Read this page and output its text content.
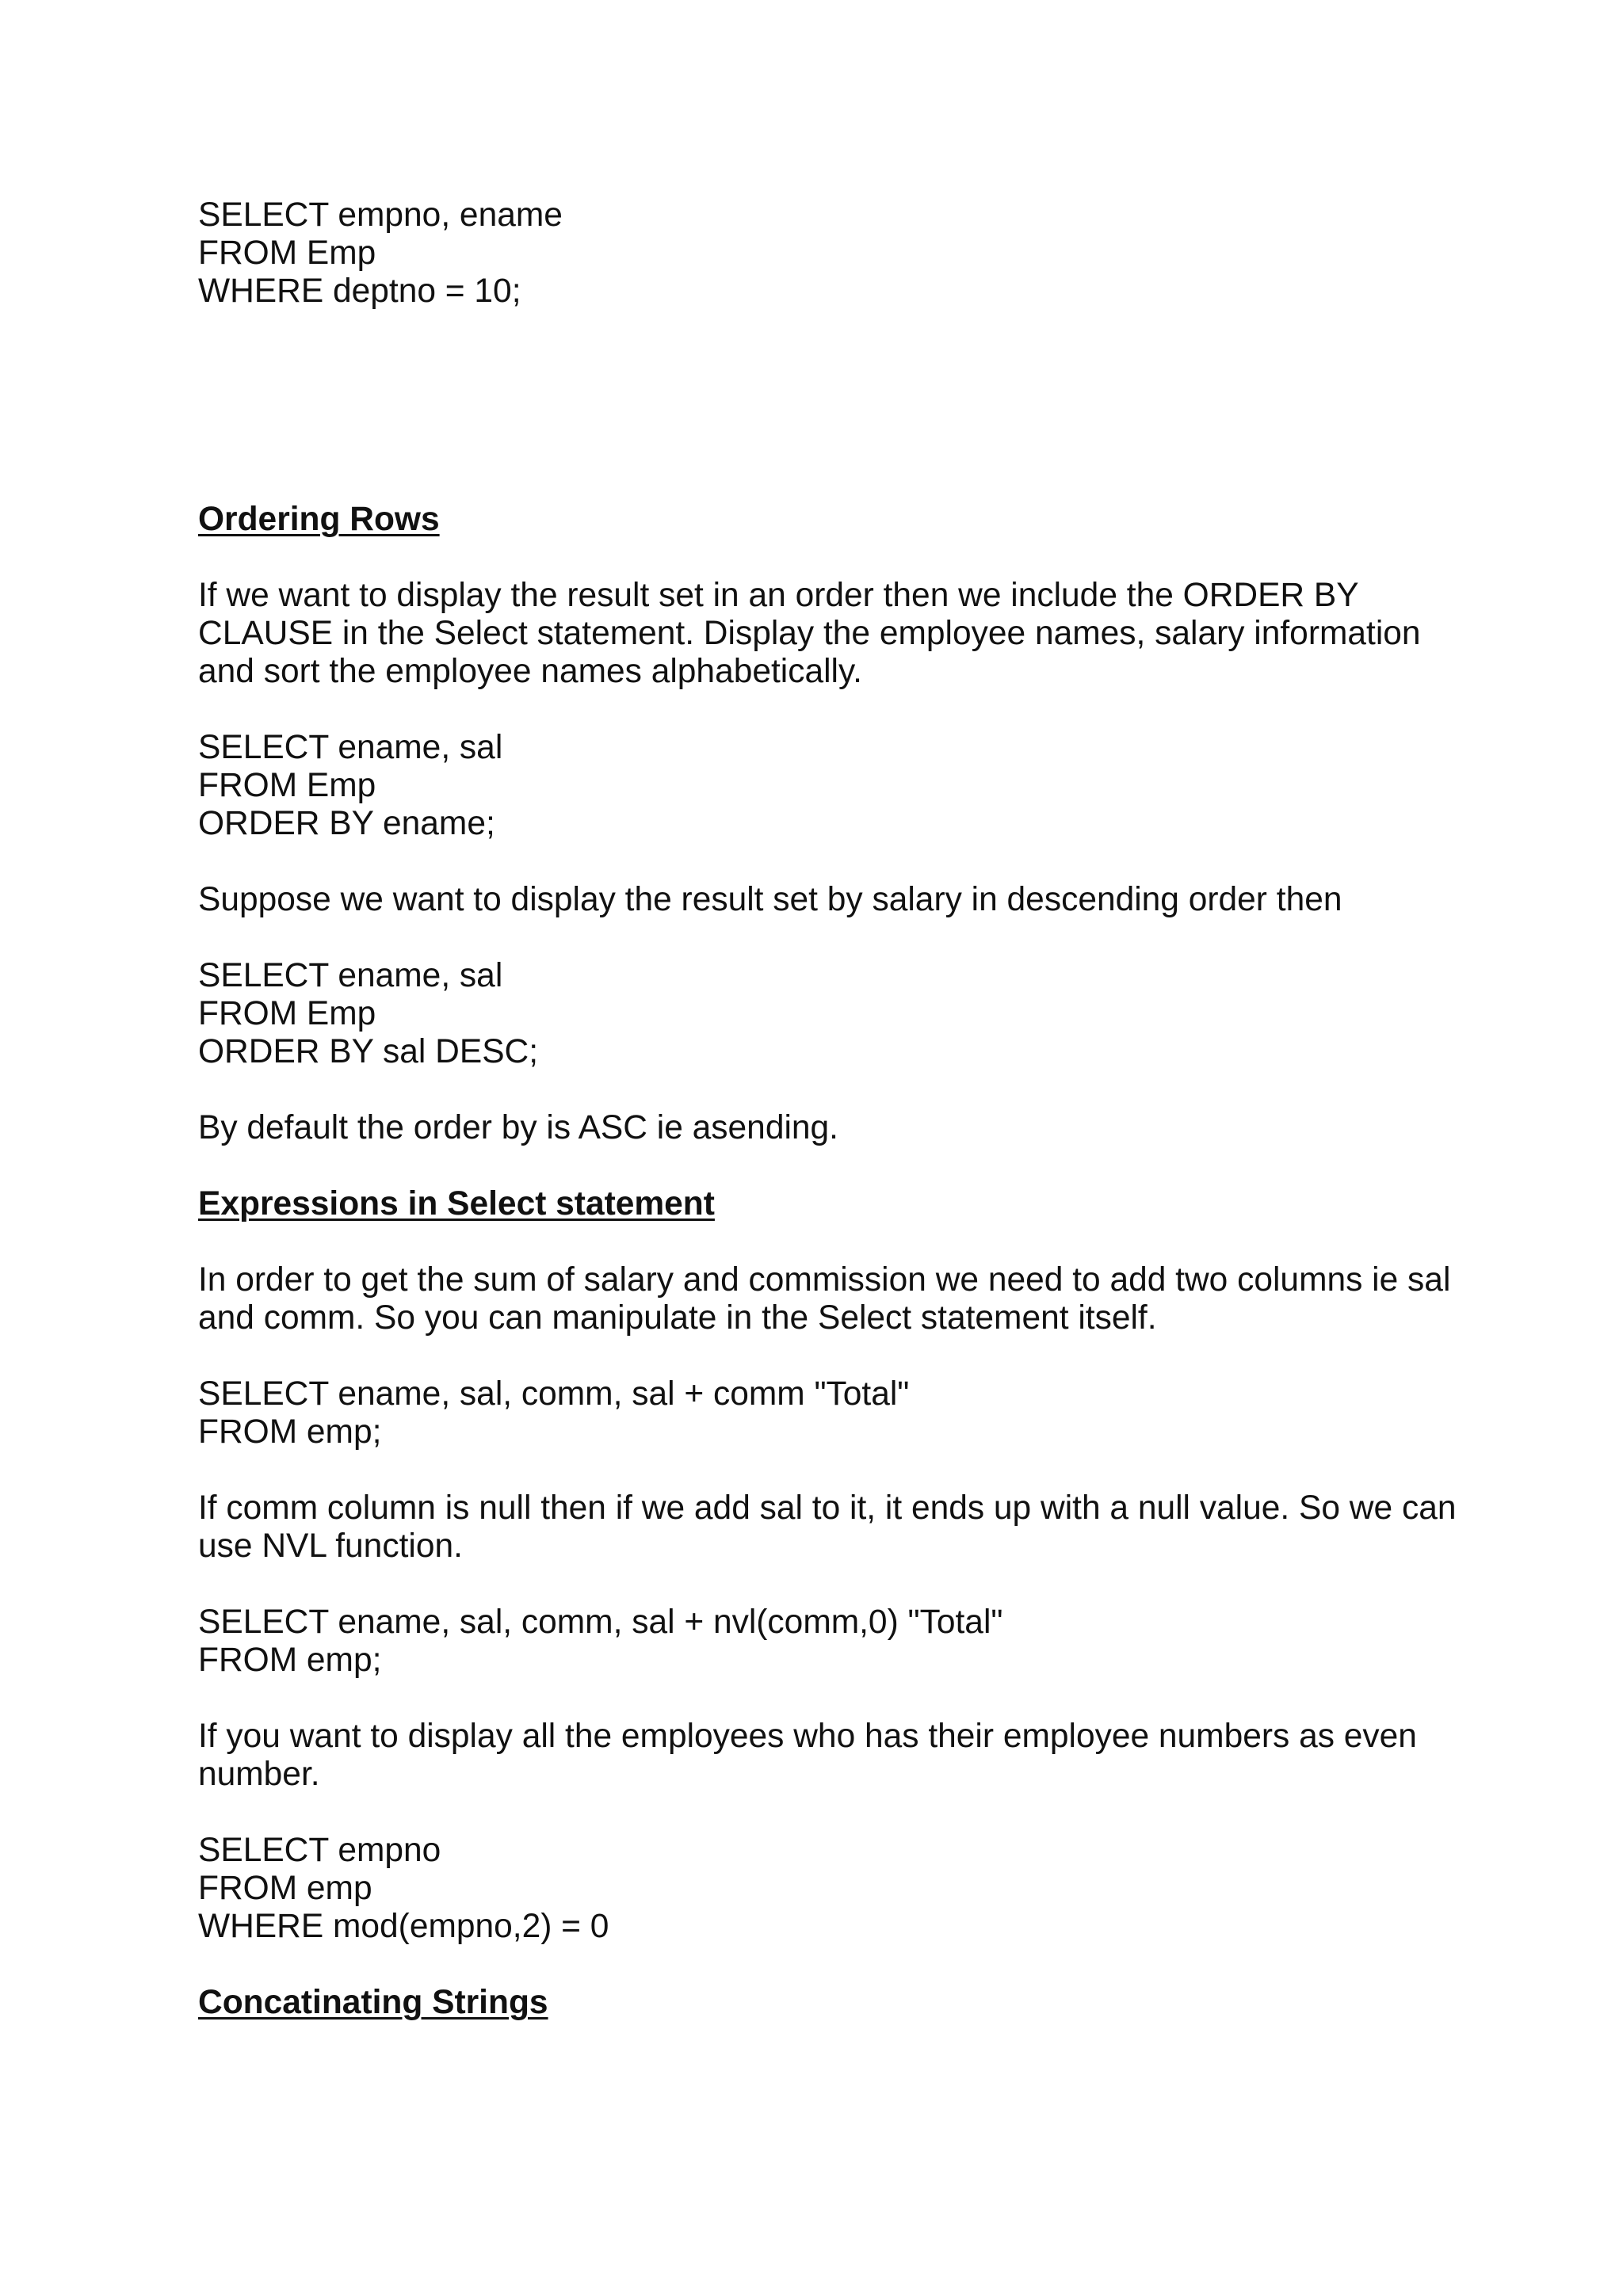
SELECT empno, ename
FROM Emp
WHERE deptno = 10;
Ordering Rows
If we want to display the result set in an order then we include the ORDER BY
CLAUSE in the Select statement. Display the employee names, salary information
and sort the employee names alphabetically.
SELECT ename, sal
FROM Emp
ORDER BY ename;
Suppose we want to display the result set by salary in descending order then
SELECT ename, sal
FROM Emp
ORDER BY sal DESC;
By default the order by is ASC ie asending.
Expressions in Select statement
In order to get the sum of salary and commission we need to add two columns ie sal
and comm. So you can manipulate in the Select statement itself.
SELECT ename, sal, comm, sal + comm "Total"
FROM emp;
If comm column is null then if we add sal to it, it ends up with a null value. So we can
use NVL function.
SELECT ename, sal, comm, sal + nvl(comm,0) "Total"
FROM emp;
If you want to display all the employees who has their employee numbers as even
number.
SELECT empno
FROM emp
WHERE mod(empno,2) = 0
Concatinating Strings
